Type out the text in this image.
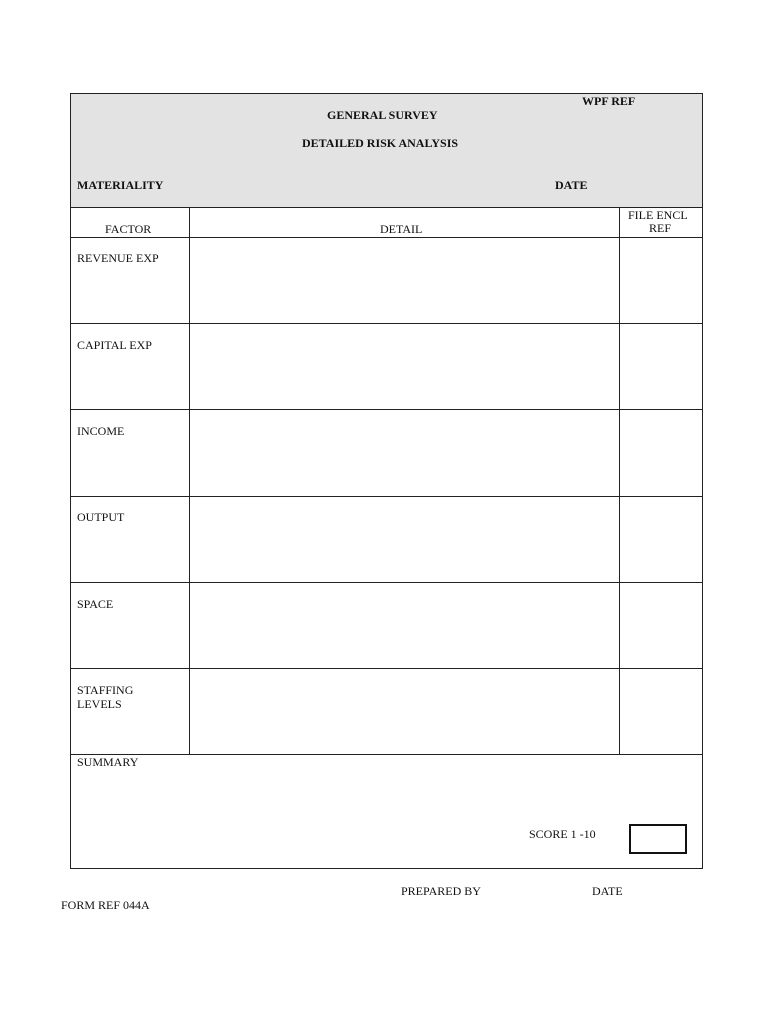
WPF REF
GENERAL SURVEY
DETAILED RISK ANALYSIS
MATERIALITY	DATE
FACTOR	DETAIL
FILE ENCL
REF
REVENUE EXP
CAPITAL EXP
INCOME
OUTPUT
SPACE
STAFFING
LEVELS
SUMMARY
SCORE 1 -10
PREPARED BY	DATE
FORM REF 044A
